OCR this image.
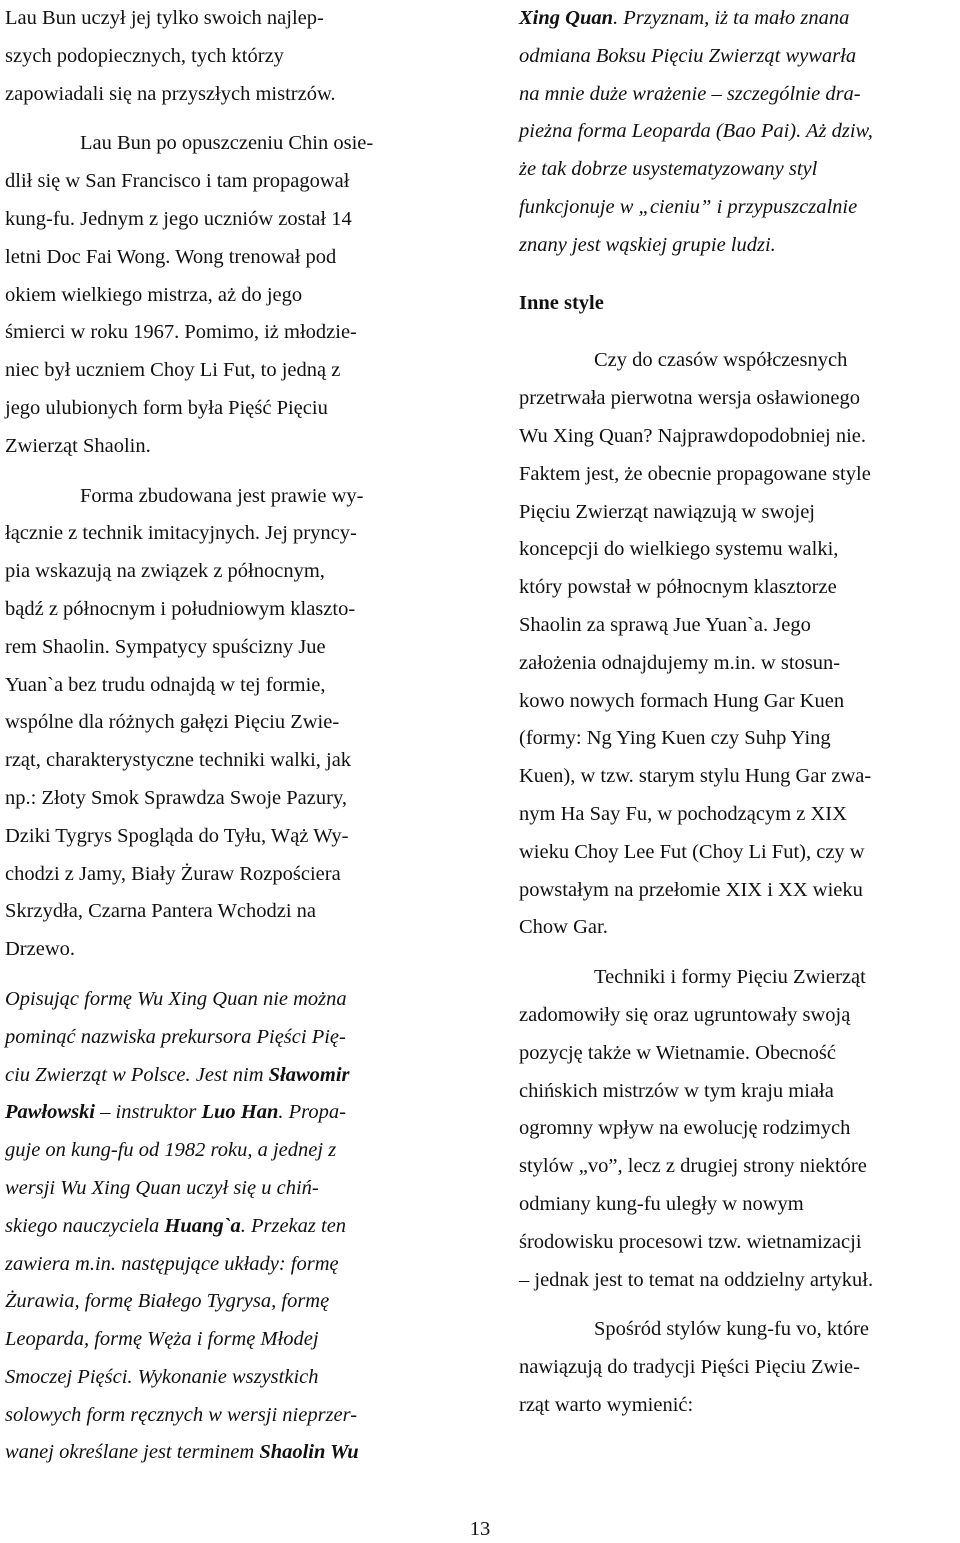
Lau Bun uczył jej tylko swoich najlep-
szych podopiecznych, tych którzy
zapowiadali się na przyszłych mistrzów.
Lau Bun po opuszczeniu Chin osie-
dlił się w San Francisco i tam propagował
kung-fu. Jednym z jego uczniów został 14
letni Doc Fai Wong. Wong trenował pod
okiem wielkiego mistrza, aż do jego
śmierci w roku 1967. Pomimo, iż młodzie-
niec był uczniem Choy Li Fut, to jedną z
jego ulubionych form była Pięść Pięciu
Zwierząt Shaolin.
Forma zbudowana jest prawie wy-
łącznie z technik imitacyjnych. Jej pryncy-
pia wskazują na związek z północnym,
bądź z północnym i południowym klaszto-
rem Shaolin. Sympatycy spuścizny Jue
Yuan`a bez trudu odnajdą w tej formie,
wspólne dla różnych gałęzi Pięciu Zwie-
rząt, charakterystyczne techniki walki, jak
np.: Złoty Smok Sprawdza Swoje Pazury,
Dziki Tygrys Spogląda do Tyłu, Wąż Wy-
chodzi z Jamy, Biały Żuraw Rozpościera
Skrzydła, Czarna Pantera Wchodzi na
Drzewo.
Opisując formę Wu Xing Quan nie można
pominąć nazwiska prekursora Pięści Pię-
ciu Zwierząt w Polsce. Jest nim Sławomir
Pawłowski – instruktor Luo Han. Propa-
guje on kung-fu od 1982 roku, a jednej z
wersji Wu Xing Quan uczył się u chiń-
skiego nauczyciela Huang`a. Przekaz ten
zawiera m.in. następujące układy: formę
Żurawia, formę Białego Tygrysa, formę
Leoparda, formę Węża i formę Młodej
Smoczej Pięści. Wykonanie wszystkich
solowych form ręcznych w wersji nieprzer-
wanej określane jest terminem Shaolin Wu
Xing Quan. Przyznam, iż ta mało znana
odmiana Boksu Pięciu Zwierząt wywarła
na mnie duże wrażenie – szczególnie dra-
pieżna forma Leoparda (Bao Pai). Aż dziw,
że tak dobrze usystematyzowany styl
funkcjonuje w „cieniu” i przypuszczalnie
znany jest wąskiej grupie ludzi.
Inne style
Czy do czasów współczesnych
przetrwała pierwotna wersja osławionego
Wu Xing Quan? Najprawdopodobniej nie.
Faktem jest, że obecnie propagowane style
Pięciu Zwierząt nawiązują w swojej
koncepcji do wielkiego systemu walki,
który powstał w północnym klasztorze
Shaolin za sprawą Jue Yuan`a. Jego
założenia odnajdujemy m.in. w stosun-
kowo nowych formach Hung Gar Kuen
(formy: Ng Ying Kuen czy Suhp Ying
Kuen), w tzw. starym stylu Hung Gar zwa-
nym Ha Say Fu, w pochodzącym z XIX
wieku Choy Lee Fut (Choy Li Fut), czy w
powstałym na przełomie XIX i XX wieku
Chow Gar.
Techniki i formy Pięciu Zwierząt
zadomowiły się oraz ugruntowały swoją
pozycję także w Wietnamie. Obecność
chińskich mistrzów w tym kraju miała
ogromny wpływ na ewolucję rodzimych
stylów „vo”, lecz z drugiej strony niektóre
odmiany kung-fu uległy w nowym
środowisku procesowi tzw. wietnamizacji
– jednak jest to temat na oddzielny artykuł.
Spośród stylów kung-fu vo, które
nawiązują do tradycji Pięści Pięciu Zwie-
rząt warto wymienić:
13
